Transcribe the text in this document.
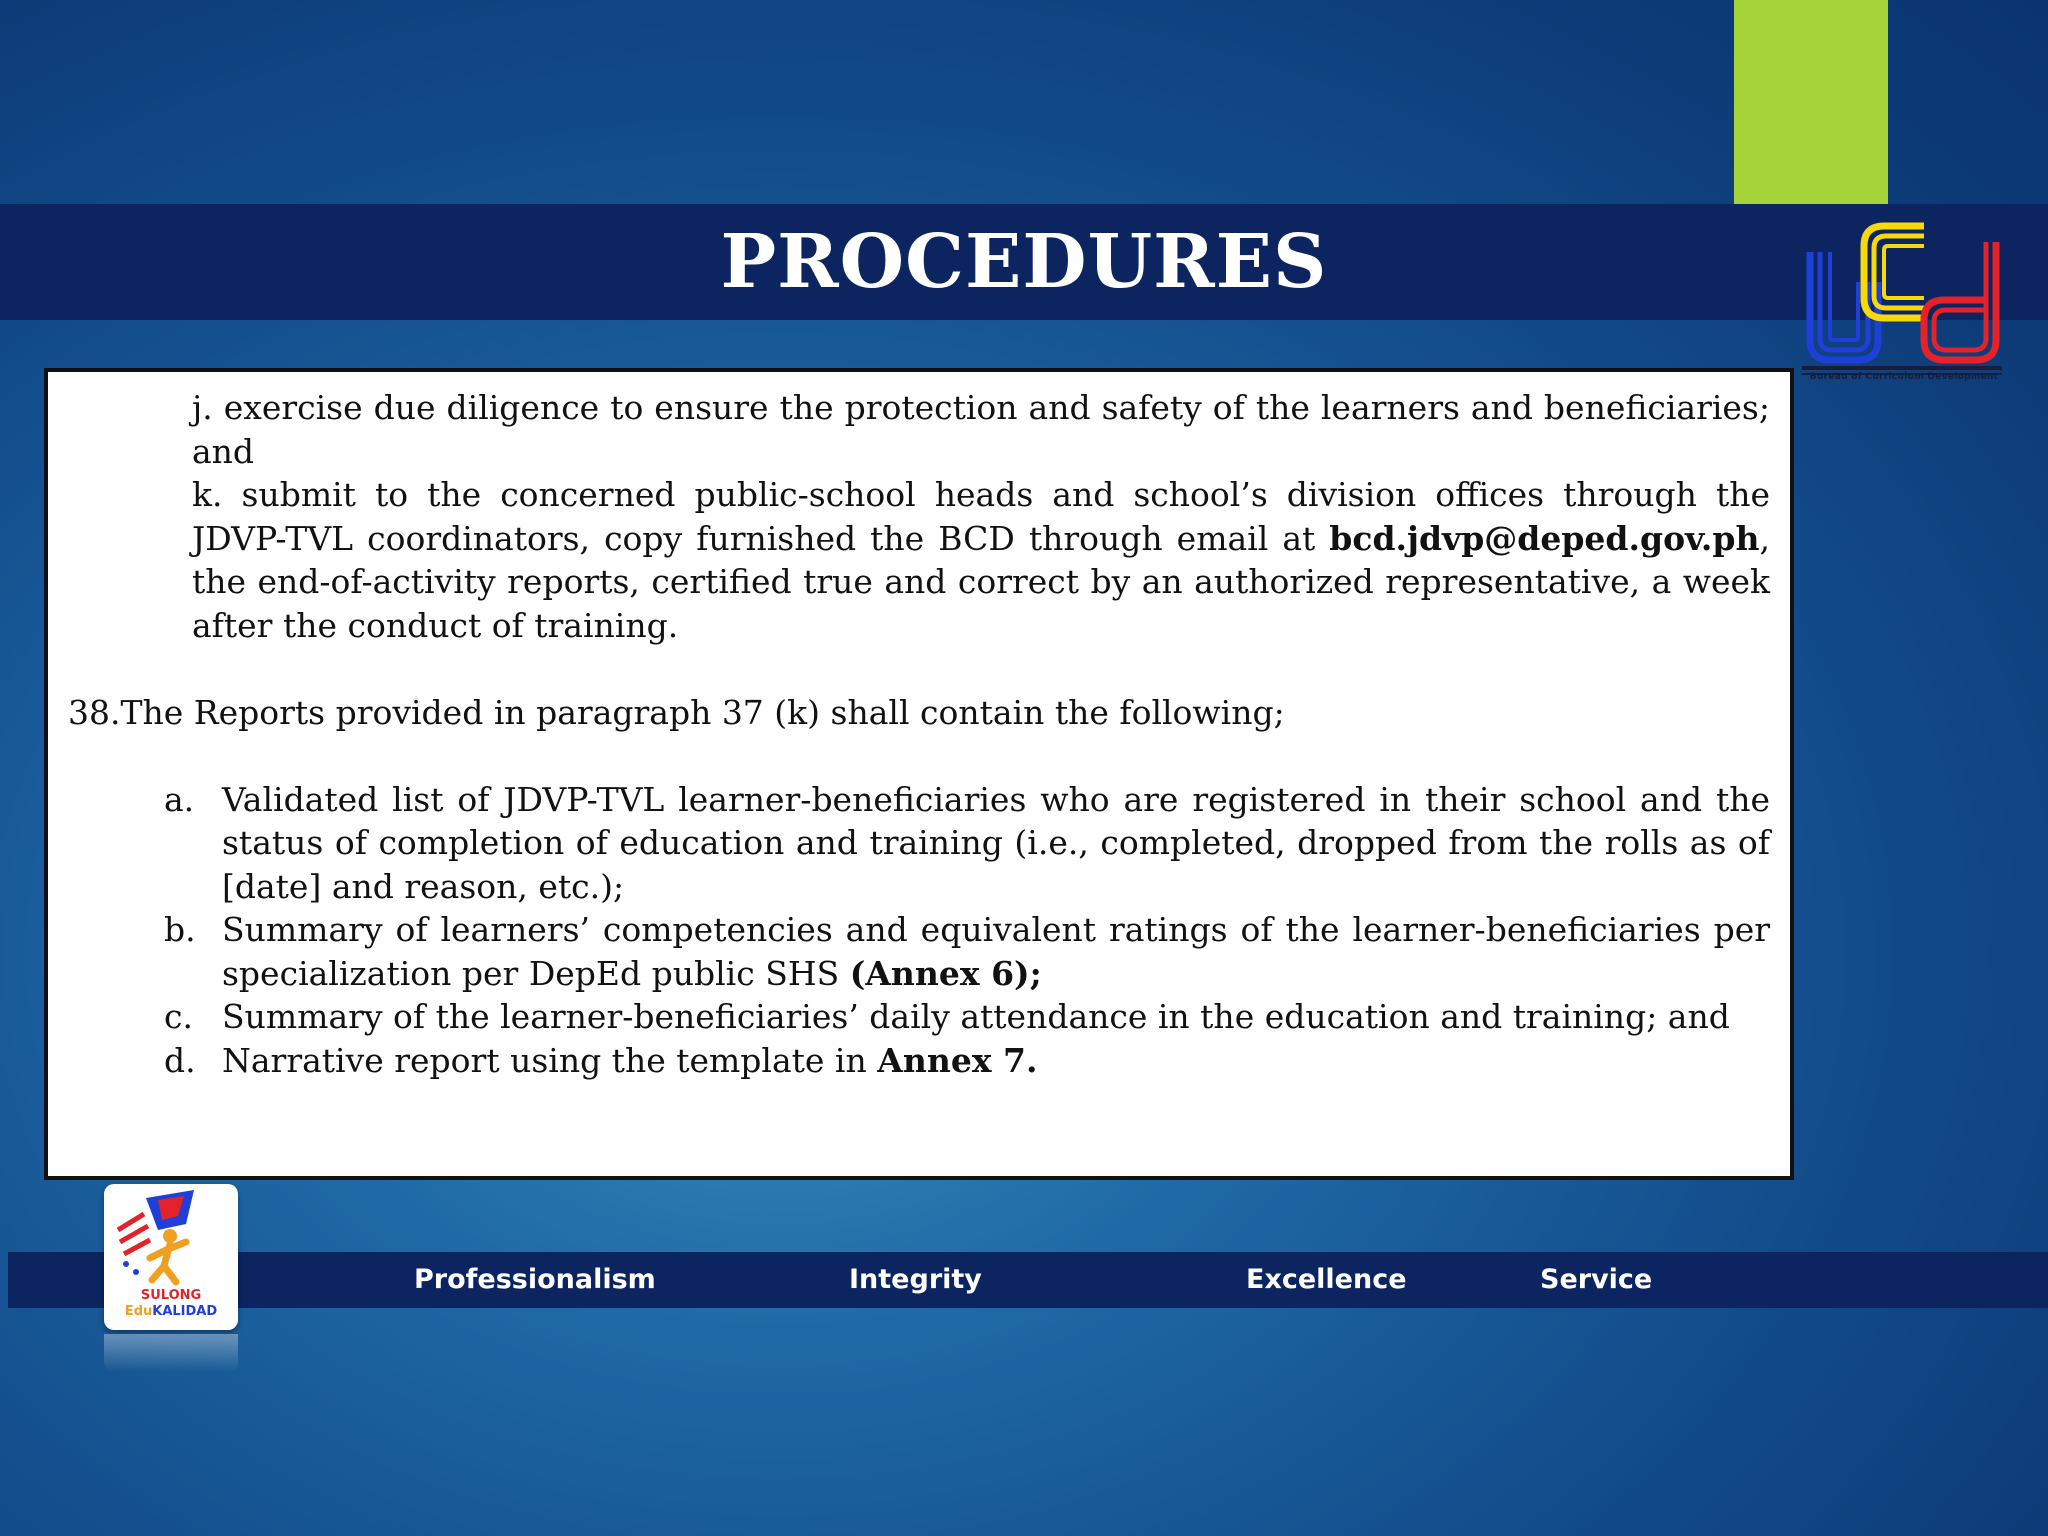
PROCEDURES
Bureau of Curriculum Development

j. exercise due diligence to ensure the protection and safety of the learners and beneficiaries; and

k. submit to the concerned public-school heads and school’s division offices through the JDVP-TVL coordinators, copy furnished the BCD through email at bcd.jdvp@deped.gov.ph, the end-of-activity reports, certified true and correct by an authorized representative, a week after the conduct of training.

38.The Reports provided in paragraph 37 (k) shall contain the following;

a. Validated list of JDVP-TVL learner-beneficiaries who are registered in their school and the status of completion of education and training (i.e., completed, dropped from the rolls as of [date] and reason, etc.);
b. Summary of learners’ competencies and equivalent ratings of the learner-beneficiaries per specialization per DepEd public SHS (Annex 6);
c. Summary of the learner-beneficiaries’ daily attendance in the education and training; and
d. Narrative report using the template in Annex 7.
Professionalism	Integrity	Excellence	Service
SULONG
EduKALIDAD
